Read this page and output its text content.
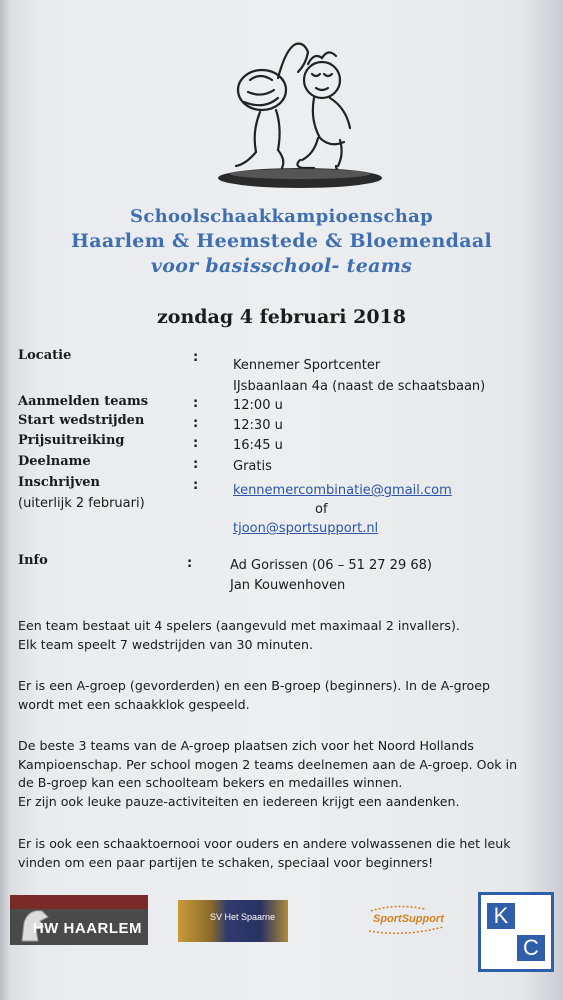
Schoolschaakkampioenschap
Haarlem & Heemstede & Bloemendaal
voor basisschool- teams
zondag 4 februari 2018
Locatie	:
Kennemer Sportcenter
IJsbaanlaan 4a (naast de schaatsbaan)
Aanmelden teams	:	12:00 u
Start wedstrijden	:	12:30 u
Prijsuitreiking	:	16:45 u
Deelname	:	Gratis
Inschrijven	:	kennemercombinatie@gmail.com
(uiterlijk 2 februari)	of
tjoon@sportsupport.nl
Info	:	Ad Gorissen (06 – 51 27 29 68)
Jan Kouwenhoven
Een team bestaat uit 4 spelers (aangevuld met maximaal 2 invallers).
Elk team speelt 7 wedstrijden van 30 minuten.
Er is een A-groep (gevorderden) en een B-groep (beginners). In de A-groep
wordt met een schaakklok gespeeld.
De beste 3 teams van de A-groep plaatsen zich voor het Noord Hollands
Kampioenschap. Per school mogen 2 teams deelnemen aan de A-groep. Ook in
de B-groep kan een schoolteam bekers en medailles winnen.
Er zijn ook leuke pauze-activiteiten en iedereen krijgt een aandenken.
Er is ook een schaaktoernooi voor ouders en andere volwassenen die het leuk
vinden om een paar partijen te schaken, speciaal voor beginners!
HW HAARLEM
SV Het Spaarne	SportSupport	K
C
